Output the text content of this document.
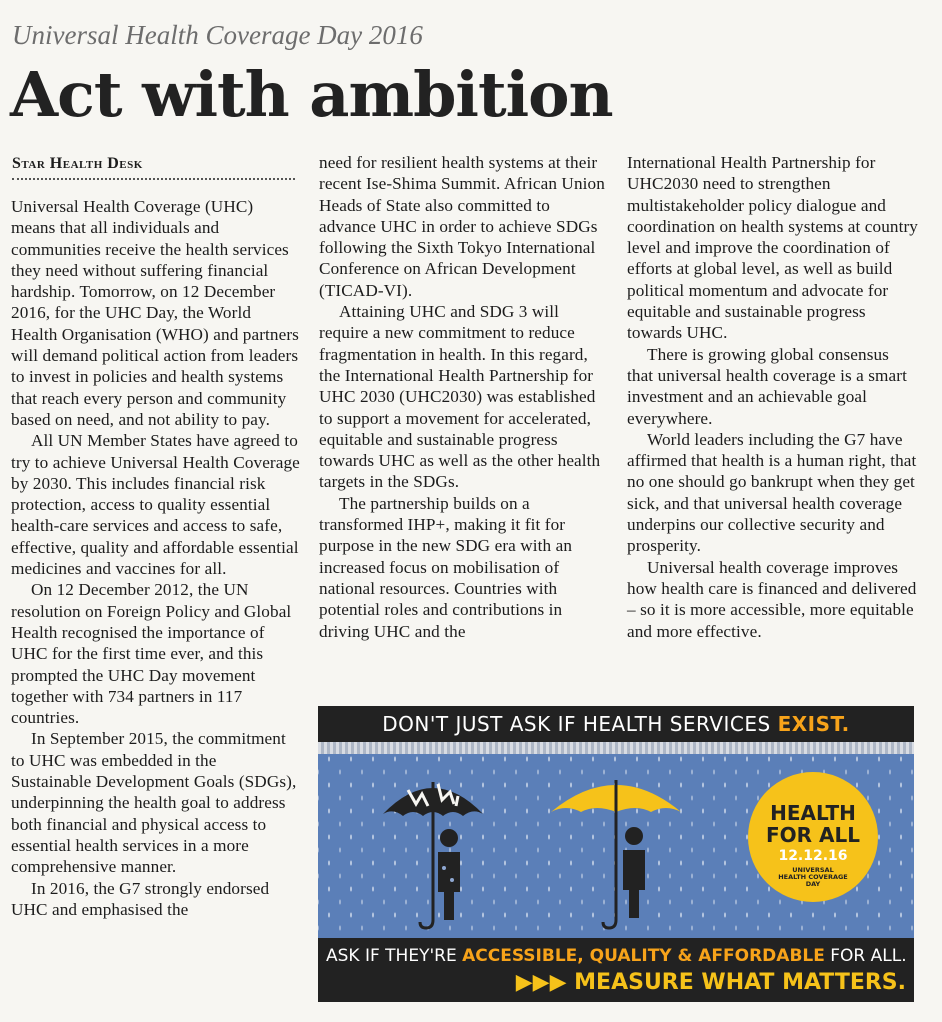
Universal Health Coverage Day 2016
Act with ambition
Star Health Desk

Universal Health Coverage (UHC) means that all individuals and communities receive the health services they need without suffering financial hardship. Tomorrow, on 12 December 2016, for the UHC Day, the World Health Organisation (WHO) and partners will demand political action from leaders to invest in policies and health systems that reach every person and community based on need, and not ability to pay.

All UN Member States have agreed to try to achieve Universal Health Coverage by 2030. This includes financial risk protection, access to quality essential health-care services and access to safe, effective, quality and affordable essential medicines and vaccines for all.

On 12 December 2012, the UN resolution on Foreign Policy and Global Health recognised the importance of UHC for the first time ever, and this prompted the UHC Day movement together with 734 partners in 117 countries.

In September 2015, the commitment to UHC was embedded in the Sustainable Development Goals (SDGs), underpinning the health goal to address both financial and physical access to essential health services in a more comprehensive manner.

In 2016, the G7 strongly endorsed UHC and emphasised the

need for resilient health systems at their recent Ise-Shima Summit. African Union Heads of State also committed to advance UHC in order to achieve SDGs following the Sixth Tokyo International Conference on African Development (TICAD-VI).

Attaining UHC and SDG 3 will require a new commitment to reduce fragmentation in health. In this regard, the International Health Partnership for UHC 2030 (UHC2030) was established to support a movement for accelerated, equitable and sustainable progress towards UHC as well as the other health targets in the SDGs.

The partnership builds on a transformed IHP+, making it fit for purpose in the new SDG era with an increased focus on mobilisation of national resources. Countries with potential roles and contributions in driving UHC and the

International Health Partnership for UHC2030 need to strengthen multistakeholder policy dialogue and coordination on health systems at country level and improve the coordination of efforts at global level, as well as build political momentum and advocate for equitable and sustainable progress towards UHC.

There is growing global consensus that universal health coverage is a smart investment and an achievable goal everywhere.

World leaders including the G7 have affirmed that health is a human right, that no one should go bankrupt when they get sick, and that universal health coverage underpins our collective security and prosperity.

Universal health coverage improves how health care is financed and delivered – so it is more accessible, more equitable and more effective.

DON'T JUST ASK IF HEALTH SERVICES EXIST.
HEALTH
FOR ALL
12.12.16
UNIVERSAL HEALTH COVERAGE DAY
ASK IF THEY'RE ACCESSIBLE, QUALITY & AFFORDABLE FOR ALL.
▶▶▶ MEASURE WHAT MATTERS.
